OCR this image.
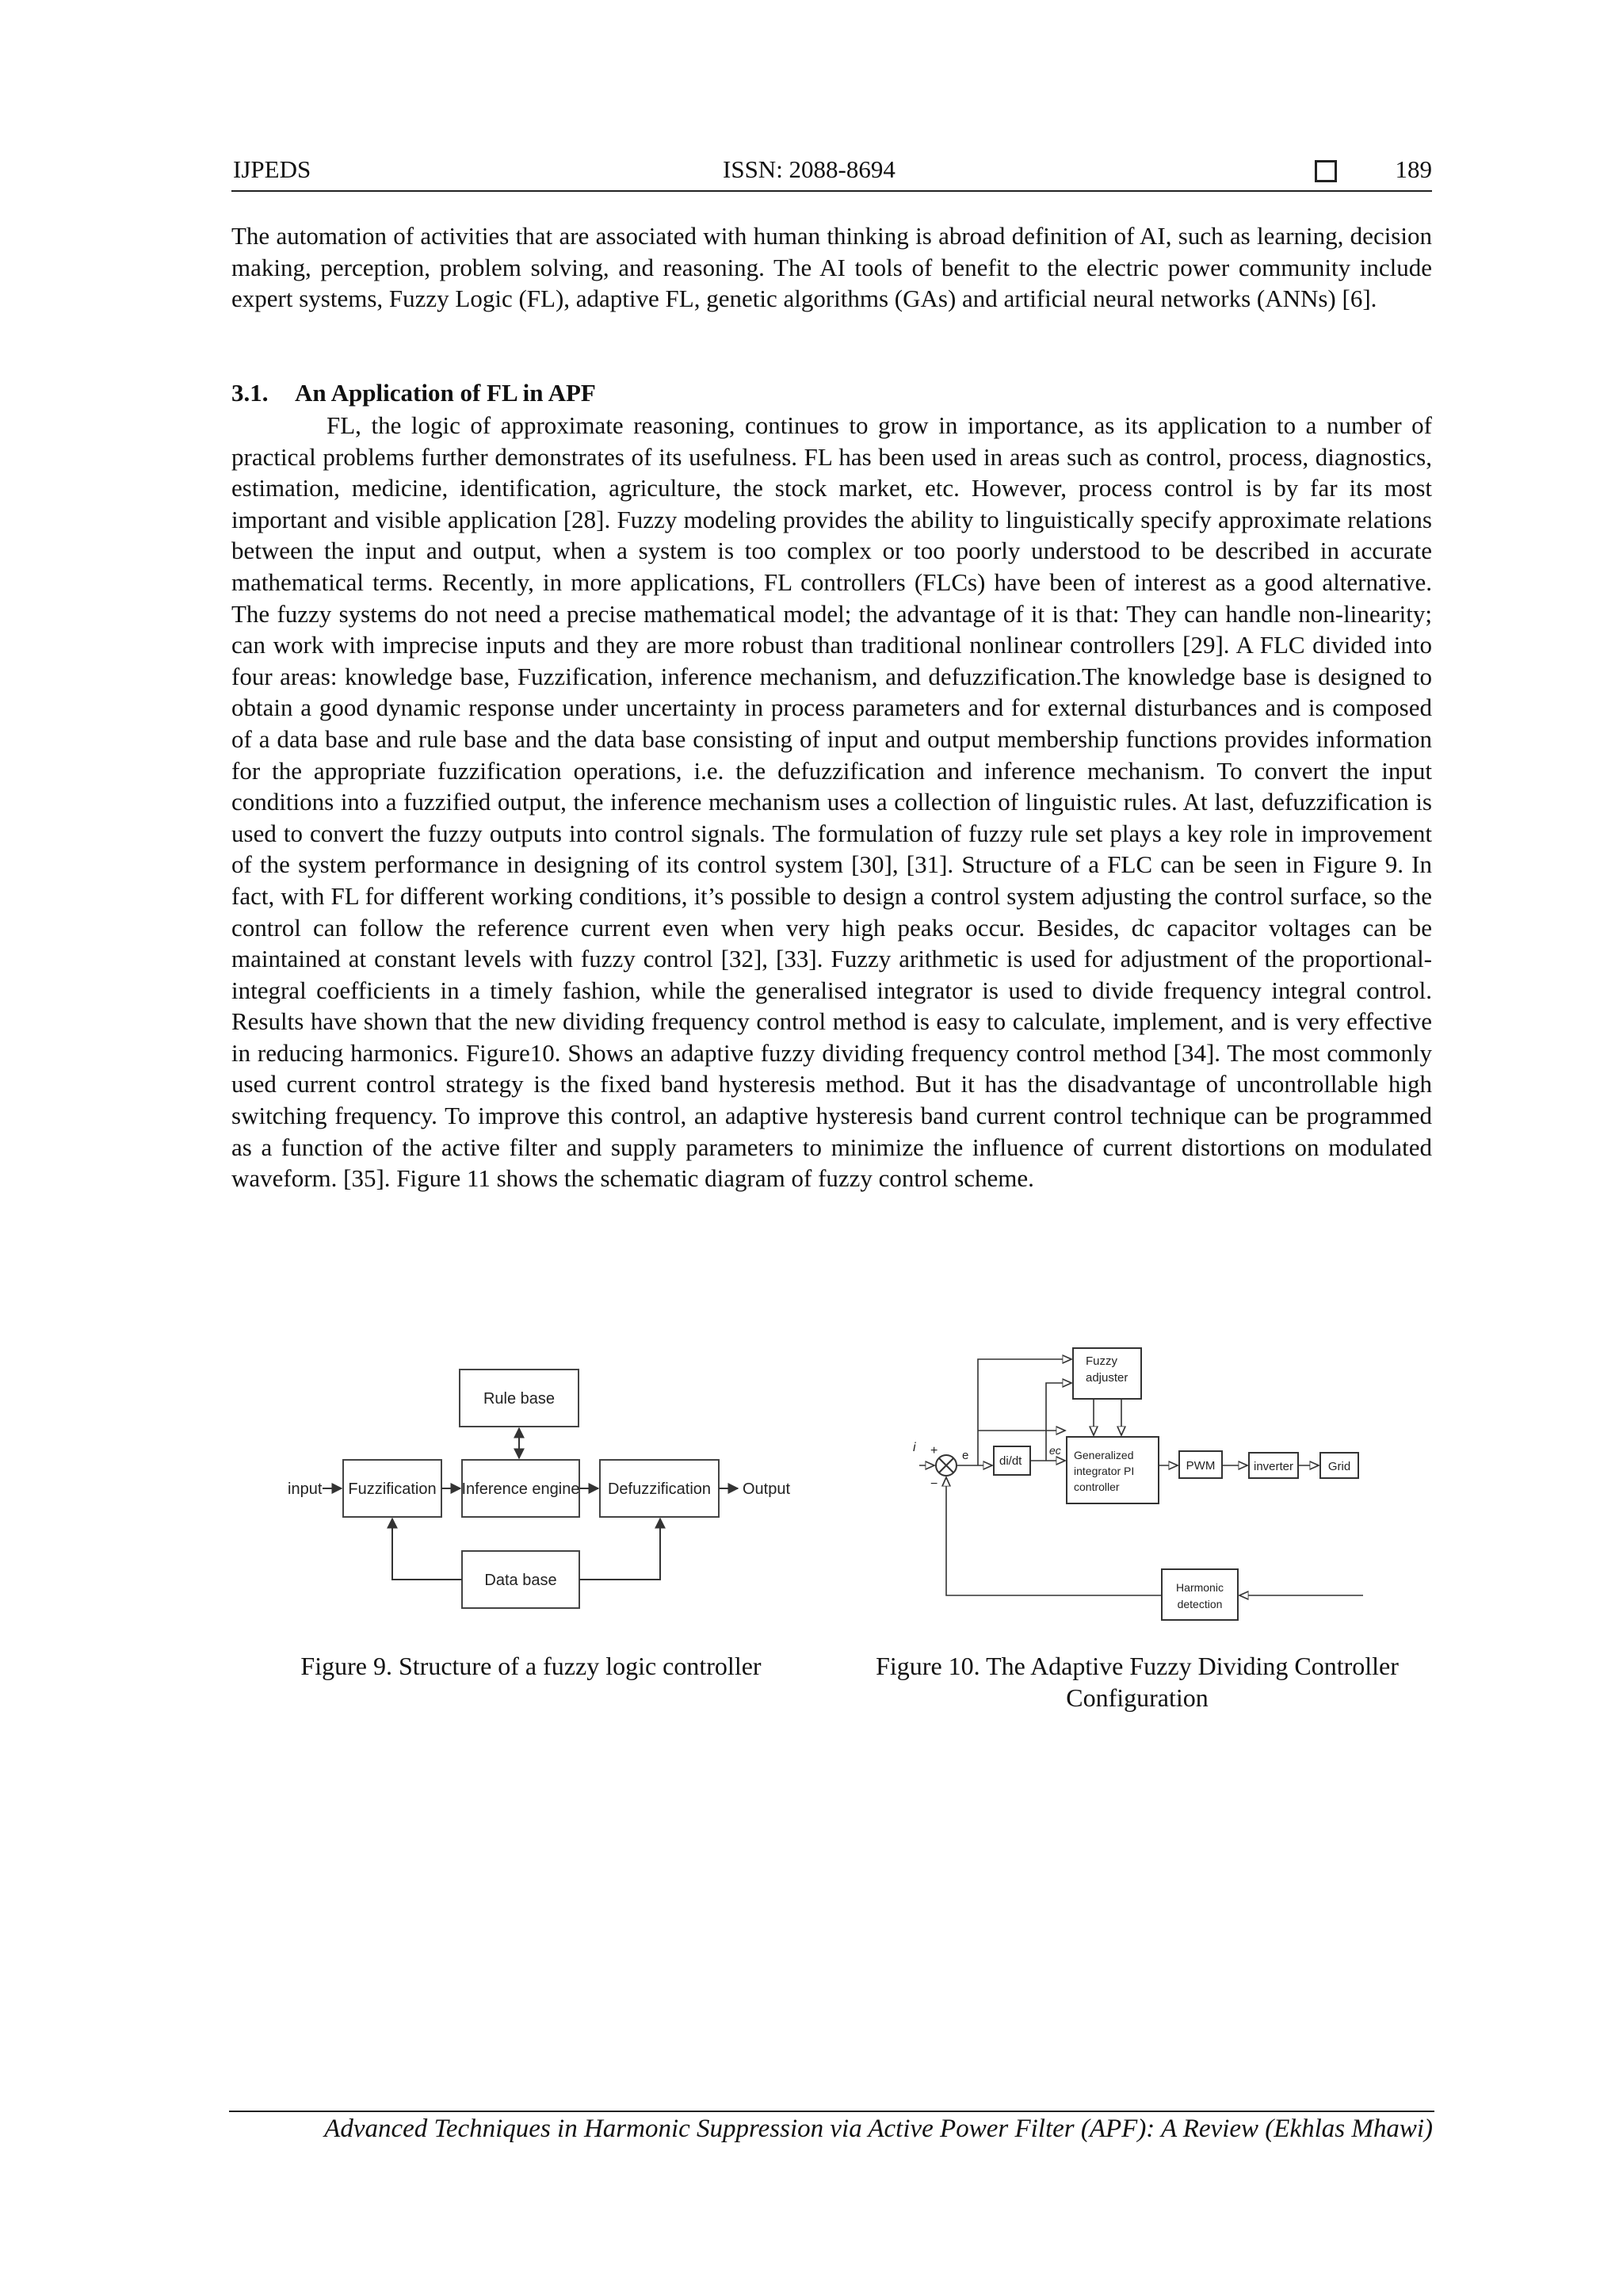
IJPEDS	ISSN: 2088-8694	189

The automation of activities that are associated with human thinking is abroad definition of AI, such as learning, decision making, perception, problem solving, and reasoning. The AI tools of benefit to the electric power community include expert systems, Fuzzy Logic (FL), adaptive FL, genetic algorithms (GAs) and artificial neural networks (ANNs) [6].

3.1. An Application of FL in APF

FL, the logic of approximate reasoning, continues to grow in importance, as its application to a number of practical problems further demonstrates of its usefulness. FL has been used in areas such as control, process, diagnostics, estimation, medicine, identification, agriculture, the stock market, etc. However, process control is by far its most important and visible application [28]. Fuzzy modeling provides the ability to linguistically specify approximate relations between the input and output, when a system is too complex or too poorly understood to be described in accurate mathematical terms. Recently, in more applications, FL controllers (FLCs) have been of interest as a good alternative. The fuzzy systems do not need a precise mathematical model; the advantage of it is that: They can handle non-linearity; can work with imprecise inputs and they are more robust than traditional nonlinear controllers [29]. A FLC divided into four areas: knowledge base, Fuzzification, inference mechanism, and defuzzification.The knowledge base is designed to obtain a good dynamic response under uncertainty in process parameters and for external disturbances and is composed of a data base and rule base and the data base consisting of input and output membership functions provides information for the appropriate fuzzification operations, i.e. the defuzzification and inference mechanism. To convert the input conditions into a fuzzified output, the inference mechanism uses a collection of linguistic rules. At last, defuzzification is used to convert the fuzzy outputs into control signals. The formulation of fuzzy rule set plays a key role in improvement of the system performance in designing of its control system [30], [31]. Structure of a FLC can be seen in Figure 9. In fact, with FL for different working conditions, it’s possible to design a control system adjusting the control surface, so the control can follow the reference current even when very high peaks occur. Besides, dc capacitor voltages can be maintained at constant levels with fuzzy control [32], [33]. Fuzzy arithmetic is used for adjustment of the proportional-integral coefficients in a timely fashion, while the generalised integrator is used to divide frequency integral control. Results have shown that the new dividing frequency control method is easy to calculate, implement, and is very effective in reducing harmonics. Figure10. Shows an adaptive fuzzy dividing frequency control method [34]. The most commonly used current control strategy is the fixed band hysteresis method. But it has the disadvantage of uncontrollable high switching frequency. To improve this control, an adaptive hysteresis band current control technique can be programmed as a function of the active filter and supply parameters to minimize the influence of current distortions on modulated waveform. [35]. Figure 11 shows the schematic diagram of fuzzy control scheme.

Rule base
input Fuzzification Inference engine Defuzzification Output
Data base

Figure 9. Structure of a fuzzy logic controller

Fuzzy
adjuster
i +
−
e	di/dt
ec Generalized
integrator PI
controller
PWM	inverter	Grid
Harmonic
detection

Figure 10. The Adaptive Fuzzy Dividing Controller Configuration

Advanced Techniques in Harmonic Suppression via Active Power Filter (APF): A Review (Ekhlas Mhawi)
